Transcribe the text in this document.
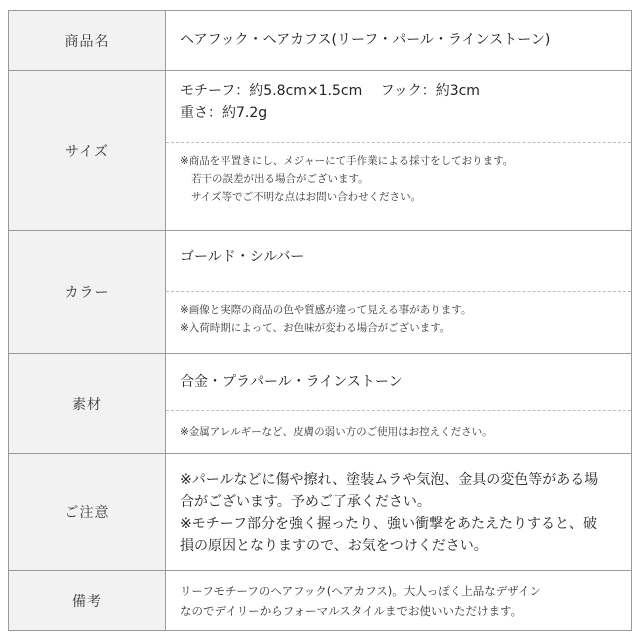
商品名	ヘアフック・ヘアカフス(リーフ・パール・ラインストーン)
サイズ
モチーフ：約5.8cm×1.5cm　 フック：約3cm
重さ：約7.2g
※商品を平置きにし、メジャーにて手作業による採寸をしております。
若干の誤差が出る場合がございます。
サイズ等でご不明な点はお問い合わせください。
カラー
ゴールド・シルバー
※画像と実際の商品の色や質感が違って見える事があります。
※入荷時期によって、お色味が変わる場合がございます。
素材
合金・プラパール・ラインストーン
※金属アレルギーなど、皮膚の弱い方のご使用はお控えください。
ご注意
※パールなどに傷や擦れ、塗装ムラや気泡、金具の変色等がある場
合がございます。予めご了承ください。
※モチーフ部分を強く握ったり、強い衝撃をあたえたりすると、破
損の原因となりますので、お気をつけください。
備考
リーフモチーフのヘアフック(ヘアカフス)。大人っぽく上品なデザイン
なのでデイリーからフォーマルスタイルまでお使いいただけます。
